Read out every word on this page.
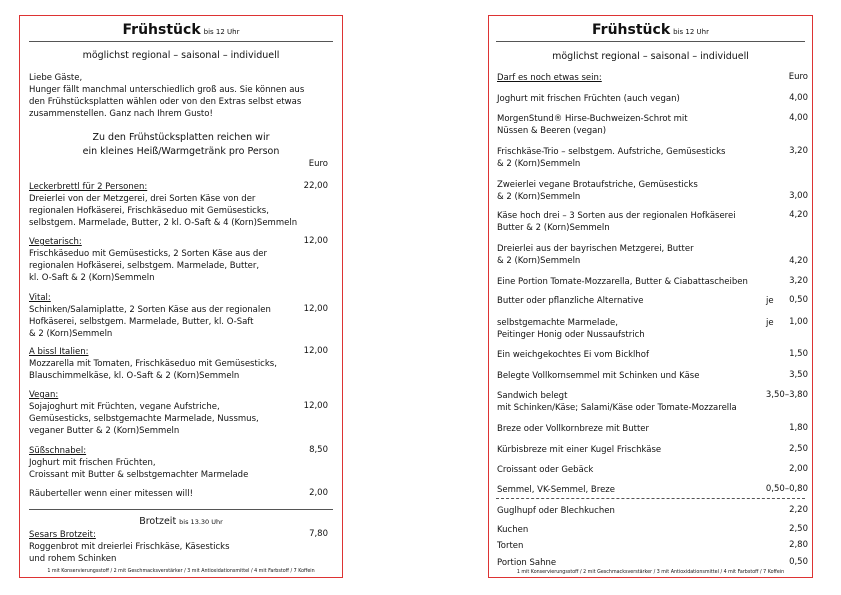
Frühstück bis 12 Uhr
möglichst regional – saisonal – individuell
Liebe Gäste,
Hunger fällt manchmal unterschiedlich groß aus. Sie können aus
den Frühstücksplatten wählen oder von den Extras selbst etwas
zusammenstellen. Ganz nach Ihrem Gusto!
Zu den Frühstücksplatten reichen wir
ein kleines Heiß/Warmgetränk pro Person
Euro
Leckerbrettl für 2 Personen:
Dreierlei von der Metzgerei, drei Sorten Käse von der
regionalen Hofkäserei, Frischkäseduo mit Gemüsesticks,
selbstgem. Marmelade, Butter, 2 kl. O-Saft & 4 (Korn)Semmeln
22,00
Vegetarisch:
Frischkäseduo mit Gemüsesticks, 2 Sorten Käse aus der
regionalen Hofkäserei, selbstgem. Marmelade, Butter,
kl. O-Saft & 2 (Korn)Semmeln
12,00
Vital:
Schinken/Salamiplatte, 2 Sorten Käse aus der regionalen
Hofkäserei, selbstgem. Marmelade, Butter, kl. O-Saft
& 2 (Korn)Semmeln
12,00
A bissl Italien:
Mozzarella mit Tomaten, Frischkäseduo mit Gemüsesticks,
Blauschimmelkäse, kl. O-Saft & 2 (Korn)Semmeln
12,00
Vegan:
Sojajoghurt mit Früchten, vegane Aufstriche,
Gemüsesticks, selbstgemachte Marmelade, Nussmus,
veganer Butter & 2 (Korn)Semmeln
12,00
Süßschnabel:
Joghurt mit frischen Früchten,
Croissant mit Butter & selbstgemachter Marmelade
8,50
Räuberteller wenn einer mitessen will!	2,00
Brotzeit bis 13.30 Uhr
Sesars Brotzeit:
Roggenbrot mit dreierlei Frischkäse, Käsesticks
und rohem Schinken
7,80
1 mit Konservierungsstoff / 2 mit Geschmacksverstärker / 3 mit Antioxidationsmittel / 4 mit Farbstoff / 7 Koffein
Frühstück bis 12 Uhr
möglichst regional – saisonal – individuell
Darf es noch etwas sein:	Euro
Joghurt mit frischen Früchten (auch vegan)	4,00
MorgenStund® Hirse-Buchweizen-Schrot mit
Nüssen & Beeren (vegan)
4,00
Frischkäse-Trio – selbstgem. Aufstriche, Gemüsesticks
& 2 (Korn)Semmeln
3,20
Zweierlei vegane Brotaufstriche, Gemüsesticks
& 2 (Korn)Semmeln	3,00
Käse hoch drei – 3 Sorten aus der regionalen Hofkäserei
Butter & 2 (Korn)Semmeln
4,20
Dreierlei aus der bayrischen Metzgerei, Butter
& 2 (Korn)Semmeln	4,20
Eine Portion Tomate-Mozzarella, Butter & Ciabattascheiben	3,20
Butter oder pflanzliche Alternative	je 0,50
selbstgemachte Marmelade,
Peitinger Honig oder Nussaufstrich
je 1,00
Ein weichgekochtes Ei vom Bicklhof	1,50
Belegte Vollkornsemmel mit Schinken und Käse	3,50
Sandwich belegt
mit Schinken/Käse; Salami/Käse oder Tomate-Mozzarella
3,50–3,80
Breze oder Vollkornbreze mit Butter	1,80
Kürbisbreze mit einer Kugel Frischkäse	2,50
Croissant oder Gebäck	2,00
Semmel, VK-Semmel, Breze	0,50–0,80
Guglhupf oder Blechkuchen	2,20
Kuchen	2,50
Torten	2,80
Portion Sahne	0,50
1 mit Konservierungsstoff / 2 mit Geschmacksverstärker / 3 mit Antioxidationsmittel / 4 mit Farbstoff / 7 Koffein
